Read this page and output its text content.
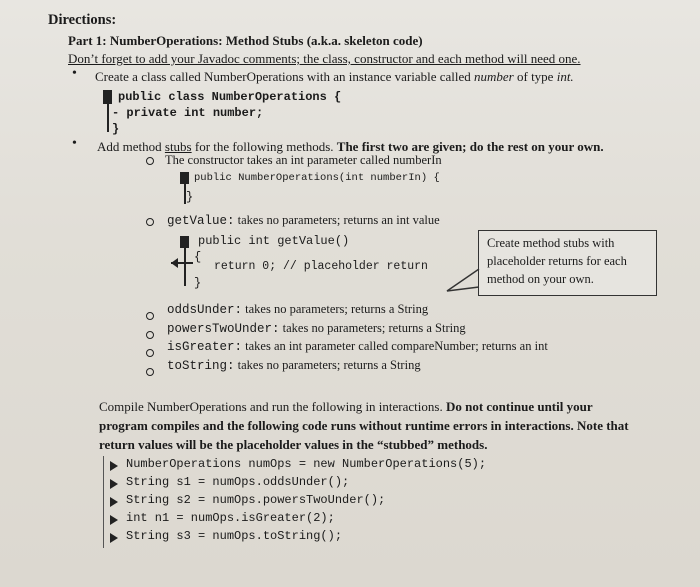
Directions:
Part 1: NumberOperations: Method Stubs (a.k.a. skeleton code)
Don’t forget to add your Javadoc comments; the class, constructor and each method will need one.
• Create a class called NumberOperations with an instance variable called number of type int.
public class NumberOperations {
- private int number;
}
• Add method stubs for the following methods. The first two are given; do the rest on your own.
The constructor takes an int parameter called numberIn
public NumberOperations(int numberIn) {
}
getValue: takes no parameters; returns an int value
public int getValue()
{
return 0; // placeholder return
}
Create method stubs with placeholder returns for each method on your own.
oddsUnder: takes no parameters; returns a String
powersTwoUnder: takes no parameters; returns a String
isGreater: takes an int parameter called compareNumber; returns an int
toString: takes no parameters; returns a String
Compile NumberOperations and run the following in interactions. Do not continue until your program compiles and the following code runs without runtime errors in interactions. Note that return values will be the placeholder values in the “stubbed” methods.
NumberOperations numOps = new NumberOperations(5);
String s1 = numOps.oddsUnder();
String s2 = numOps.powersTwoUnder();
int n1 = numOps.isGreater(2);
String s3 = numOps.toString();
